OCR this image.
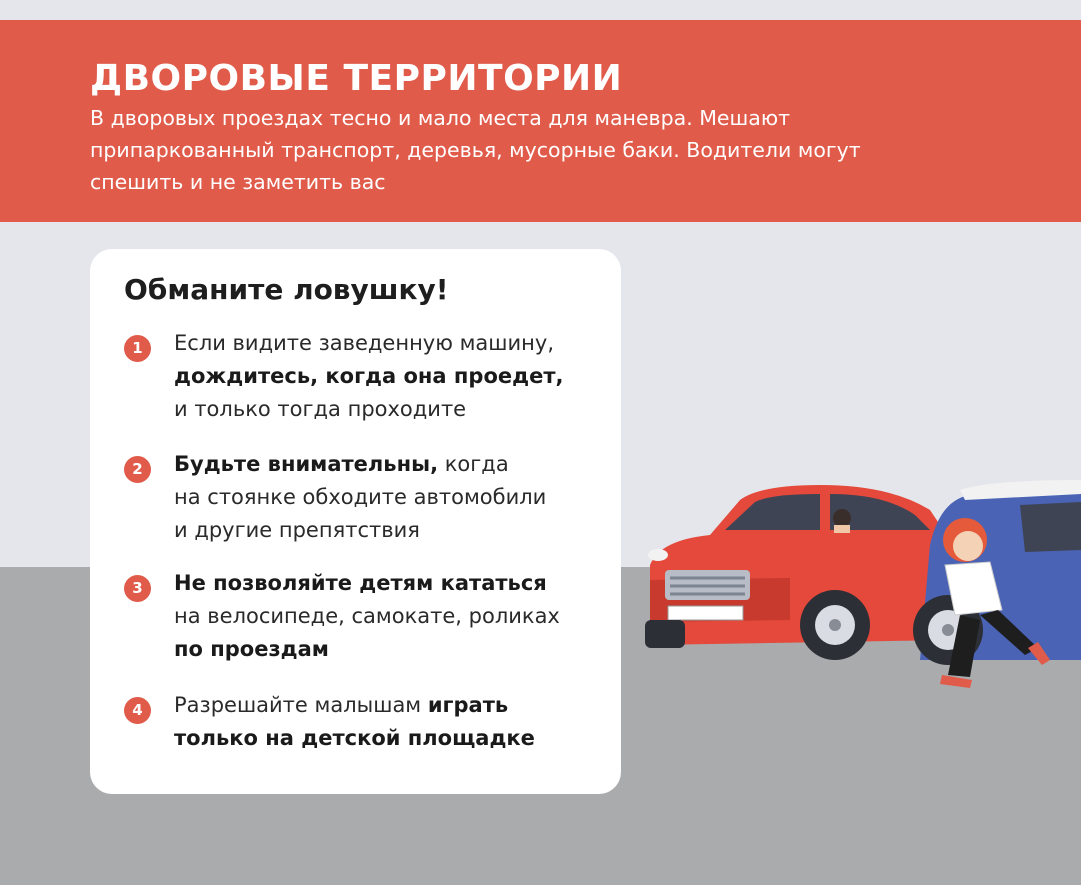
ДВОРОВЫЕ ТЕРРИТОРИИ
В дворовых проездах тесно и мало места для маневра. Мешают
припаркованный транспорт, деревья, мусорные баки. Водители могут
спешить и не заметить вас
Обманите ловушку!
1	Если видите заведенную машину,
дождитесь, когда она проедет,
и только тогда проходите
2	Будьте внимательны, когда
на стоянке обходите автомобили
и другие препятствия
3	Не позволяйте детям кататься
на велосипеде, самокате, роликах
по проездам
4	Разрешайте малышам играть
только на детской площадке
